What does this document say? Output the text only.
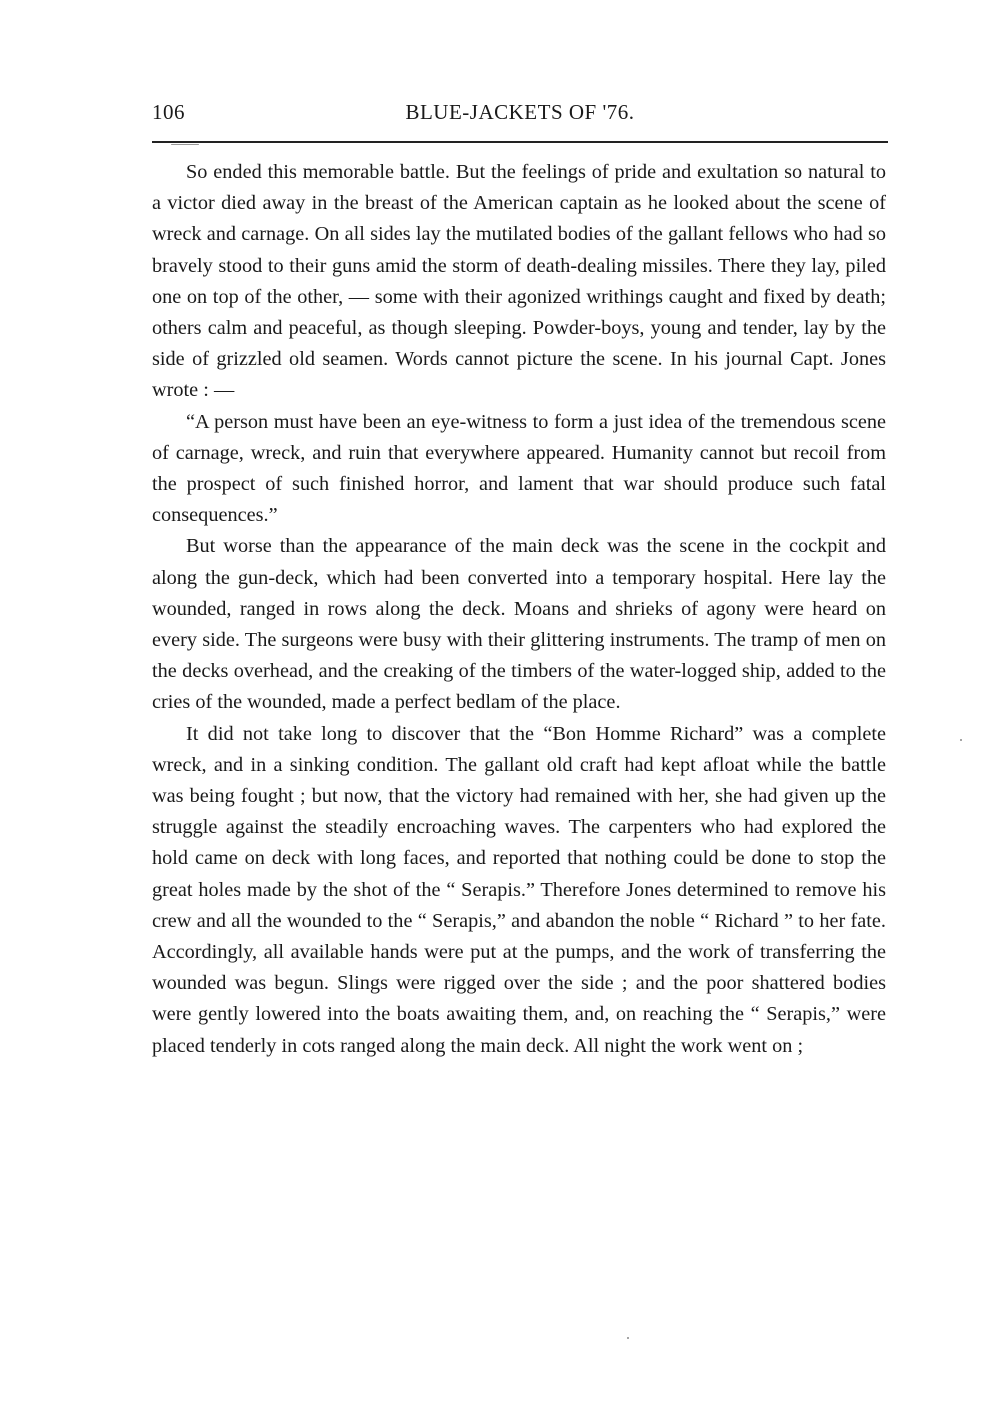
106	BLUE-JACKETS OF '76.

So ended this memorable battle. But the feelings of pride and exultation so natural to a victor died away in the breast of the American captain as he looked about the scene of wreck and carnage. On all sides lay the mutilated bodies of the gallant fellows who had so bravely stood to their guns amid the storm of death-dealing missiles. There they lay, piled one on top of the other, — some with their agonized writhings caught and fixed by death; others calm and peaceful, as though sleeping. Powder-boys, young and tender, lay by the side of grizzled old seamen. Words cannot picture the scene. In his journal Capt. Jones wrote : —

“A person must have been an eye-witness to form a just idea of the tremendous scene of carnage, wreck, and ruin that everywhere appeared. Humanity cannot but recoil from the prospect of such finished horror, and lament that war should produce such fatal consequences.”

But worse than the appearance of the main deck was the scene in the cockpit and along the gun-deck, which had been converted into a temporary hospital. Here lay the wounded, ranged in rows along the deck. Moans and shrieks of agony were heard on every side. The surgeons were busy with their glittering instruments. The tramp of men on the decks overhead, and the creaking of the timbers of the water-logged ship, added to the cries of the wounded, made a perfect bedlam of the place.

It did not take long to discover that the “Bon Homme Richard” was a complete wreck, and in a sinking condition. The gallant old craft had kept afloat while the battle was being fought ; but now, that the victory had remained with her, she had given up the struggle against the steadily encroaching waves. The carpenters who had explored the hold came on deck with long faces, and reported that nothing could be done to stop the great holes made by the shot of the “ Serapis.” Therefore Jones determined to remove his crew and all the wounded to the “ Serapis,” and abandon the noble “ Richard ” to her fate. Accordingly, all available hands were put at the pumps, and the work of transferring the wounded was begun. Slings were rigged over the side ; and the poor shattered bodies were gently lowered into the boats awaiting them, and, on reaching the “ Serapis,” were placed tenderly in cots ranged along the main deck. All night the work went on ;
